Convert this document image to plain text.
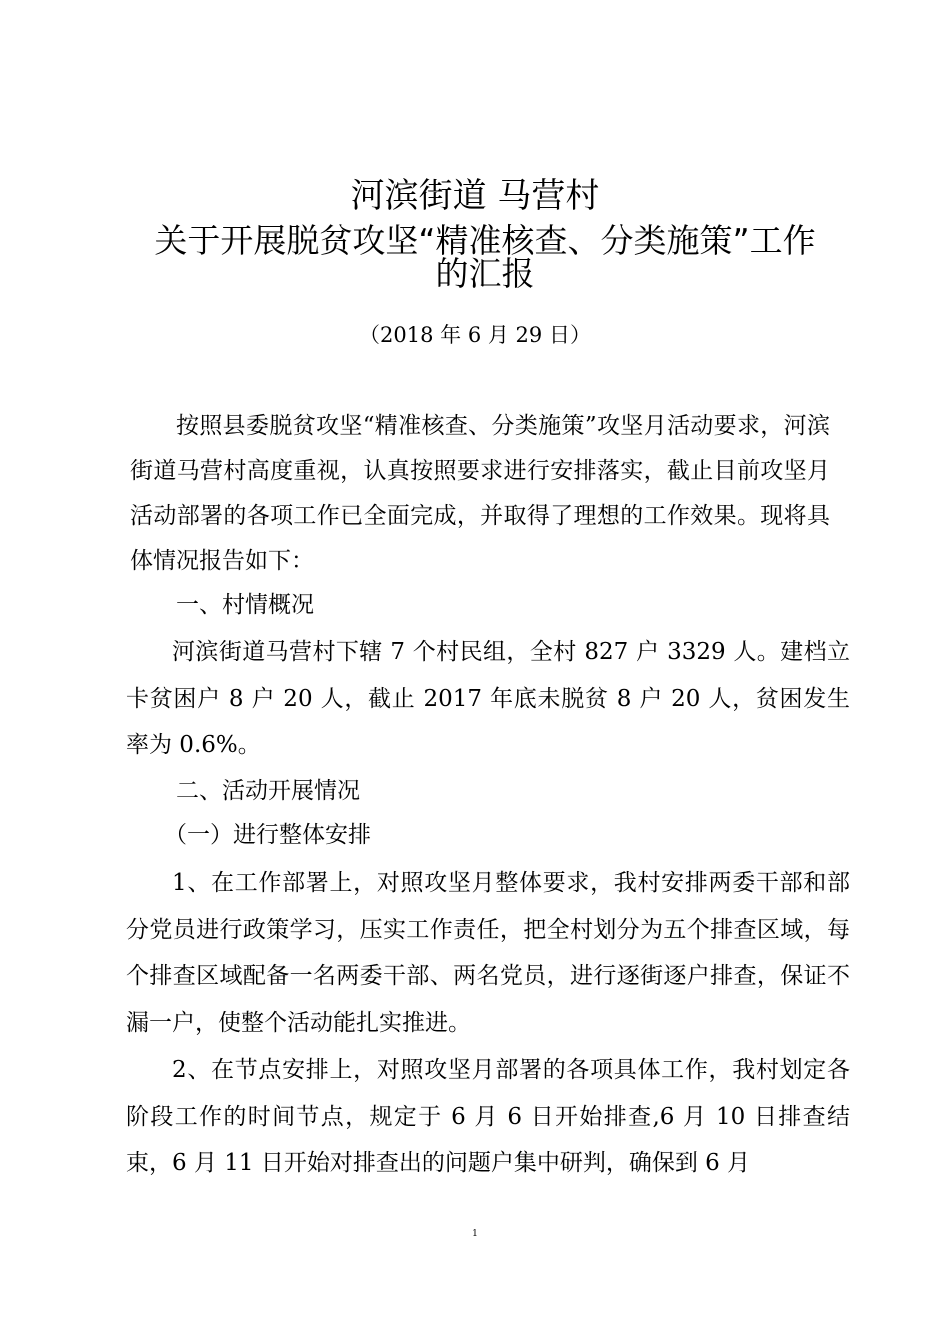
河滨街道 马营村
关于开展脱贫攻坚“精准核查、分类施策”工作的汇报
（2018 年 6 月 29 日）
按照县委脱贫攻坚“精准核查、分类施策”攻坚月活动要求，河滨街道马营村高度重视，认真按照要求进行安排落实，截止目前攻坚月活动部署的各项工作已全面完成，并取得了理想的工作效果。现将具体情况报告如下：
一、村情概况
河滨街道马营村下辖 7 个村民组，全村 827 户 3329 人。建档立卡贫困户 8 户 20 人，截止 2017 年底未脱贫 8 户 20 人，贫困发生率为 0.6%。
二、活动开展情况
（一）进行整体安排
1、在工作部署上，对照攻坚月整体要求，我村安排两委干部和部分党员进行政策学习，压实工作责任，把全村划分为五个排查区域，每个排查区域配备一名两委干部、两名党员，进行逐街逐户排查，保证不漏一户，使整个活动能扎实推进。
2、在节点安排上，对照攻坚月部署的各项具体工作，我村划定各阶段工作的时间节点，规定于 6 月 6 日开始排查,6 月 10 日排查结束，6 月 11 日开始对排查出的问题户集中研判，确保到 6 月
1
